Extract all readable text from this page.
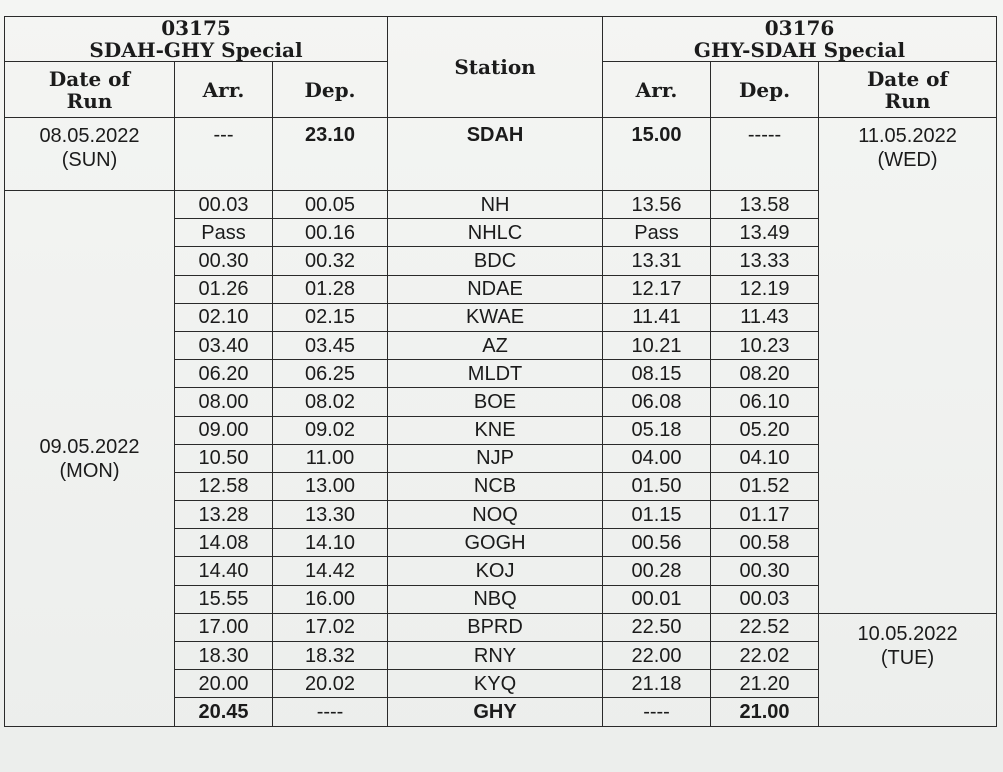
03175
SDAH-GHY Special			Station	03176
GHY-SDAH Special		

Date of
Run	Arr.	Dep.		Arr.	Dep.	Date of
Run

08.05.2022
(SUN)	---	23.10	SDAH	15.00	-----	11.05.2022
(WED)

09.05.2022
(MON)	00.03	00.05	NH	13.56	13.58	
	Pass	00.16	NHLC	Pass	13.49	
	00.30	00.32	BDC	13.31	13.33	
	01.26	01.28	NDAE	12.17	12.19	
	02.10	02.15	KWAE	11.41	11.43	
	03.40	03.45	AZ	10.21	10.23	
	06.20	06.25	MLDT	08.15	08.20	
	08.00	08.02	BOE	06.08	06.10	
	09.00	09.02	KNE	05.18	05.20	
	10.50	11.00	NJP	04.00	04.10	
	12.58	13.00	NCB	01.50	01.52	
	13.28	13.30	NOQ	01.15	01.17	
	14.08	14.10	GOGH	00.56	00.58	
	14.40	14.42	KOJ	00.28	00.30	
	15.55	16.00	NBQ	00.01	00.03	
	17.00	17.02	BPRD	22.50	22.52	10.05.2022
(TUE)

	18.30	18.32	RNY	22.00	22.02	
	20.00	20.02	KYQ	21.18	21.20	
	20.45	----	GHY	----	21.00	
